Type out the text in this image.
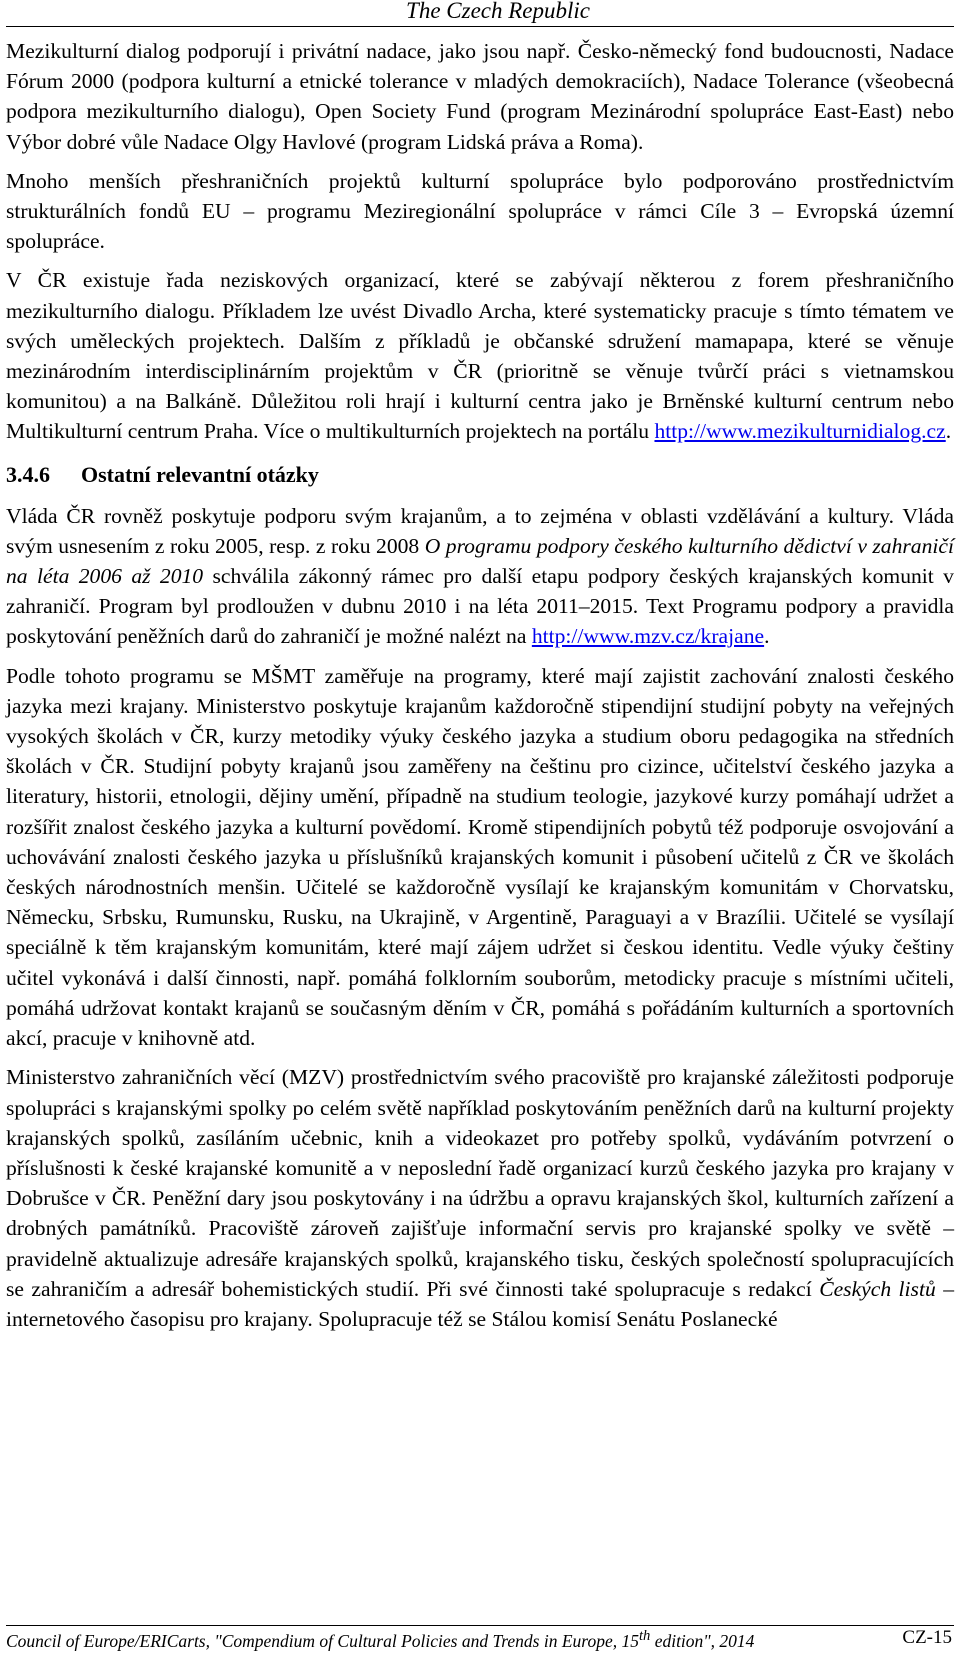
The Czech Republic

Mezikulturní dialog podporují i privátní nadace, jako jsou např. Česko-německý fond budoucnosti, Nadace Fórum 2000 (podpora kulturní a etnické tolerance v mladých demokraciích), Nadace Tolerance (všeobecná podpora mezikulturního dialogu), Open Society Fund (program Mezinárodní spolupráce East-East) nebo Výbor dobré vůle Nadace Olgy Havlové (program Lidská práva a Roma).

Mnoho menších přeshraničních projektů kulturní spolupráce bylo podporováno prostřednictvím strukturálních fondů EU – programu Meziregionální spolupráce v rámci Cíle 3 – Evropská územní spolupráce.

V ČR existuje řada neziskových organizací, které se zabývají některou z forem přeshraničního mezikulturního dialogu. Příkladem lze uvést Divadlo Archa, které systematicky pracuje s tímto tématem ve svých uměleckých projektech. Dalším z příkladů je občanské sdružení mamapapa, které se věnuje mezinárodním interdisciplinárním projektům v ČR (prioritně se věnuje tvůrčí práci s vietnamskou komunitou) a na Balkáně. Důležitou roli hrají i kulturní centra jako je Brněnské kulturní centrum nebo Multikulturní centrum Praha. Více o multikulturních projektech na portálu http://www.mezikulturnidialog.cz.

3.4.6 Ostatní relevantní otázky

Vláda ČR rovněž poskytuje podporu svým krajanům, a to zejména v oblasti vzdělávání a kultury. Vláda svým usnesením z roku 2005, resp. z roku 2008 O programu podpory českého kulturního dědictví v zahraničí na léta 2006 až 2010 schválila zákonný rámec pro další etapu podpory českých krajanských komunit v zahraničí. Program byl prodloužen v dubnu 2010 i na léta 2011–2015. Text Programu podpory a pravidla poskytování peněžních darů do zahraničí je možné nalézt na http://www.mzv.cz/krajane.

Podle tohoto programu se MŠMT zaměřuje na programy, které mají zajistit zachování znalosti českého jazyka mezi krajany. Ministerstvo poskytuje krajanům každoročně stipendijní studijní pobyty na veřejných vysokých školách v ČR, kurzy metodiky výuky českého jazyka a studium oboru pedagogika na středních školách v ČR. Studijní pobyty krajanů jsou zaměřeny na češtinu pro cizince, učitelství českého jazyka a literatury, historii, etnologii, dějiny umění, případně na studium teologie, jazykové kurzy pomáhají udržet a rozšířit znalost českého jazyka a kulturní povědomí. Kromě stipendijních pobytů též podporuje osvojování a uchovávání znalosti českého jazyka u příslušníků krajanských komunit i působení učitelů z ČR ve školách českých národnostních menšin. Učitelé se každoročně vysílají ke krajanským komunitám v Chorvatsku, Německu, Srbsku, Rumunsku, Rusku, na Ukrajině, v Argentině, Paraguayi a v Brazílii. Učitelé se vysílají speciálně k těm krajanským komunitám, které mají zájem udržet si českou identitu. Vedle výuky češtiny učitel vykonává i další činnosti, např. pomáhá folklorním souborům, metodicky pracuje s místními učiteli, pomáhá udržovat kontakt krajanů se současným děním v ČR, pomáhá s pořádáním kulturních a sportovních akcí, pracuje v knihovně atd.

Ministerstvo zahraničních věcí (MZV) prostřednictvím svého pracoviště pro krajanské záležitosti podporuje spolupráci s krajanskými spolky po celém světě například poskytováním peněžních darů na kulturní projekty krajanských spolků, zasíláním učebnic, knih a videokazet pro potřeby spolků, vydáváním potvrzení o příslušnosti k české krajanské komunitě a v neposlední řadě organizací kurzů českého jazyka pro krajany v Dobrušce v ČR. Peněžní dary jsou poskytovány i na údržbu a opravu krajanských škol, kulturních zařízení a drobných památníků. Pracoviště zároveň zajišťuje informační servis pro krajanské spolky ve světě – pravidelně aktualizuje adresáře krajanských spolků, krajanského tisku, českých společností spolupracujících se zahraničím a adresář bohemistických studií. Při své činnosti také spolupracuje s redakcí Českých listů – internetového časopisu pro krajany. Spolupracuje též se Stálou komisí Senátu Poslanecké

Council of Europe/ERICarts, "Compendium of Cultural Policies and Trends in Europe, 15th edition", 2014	CZ-15
